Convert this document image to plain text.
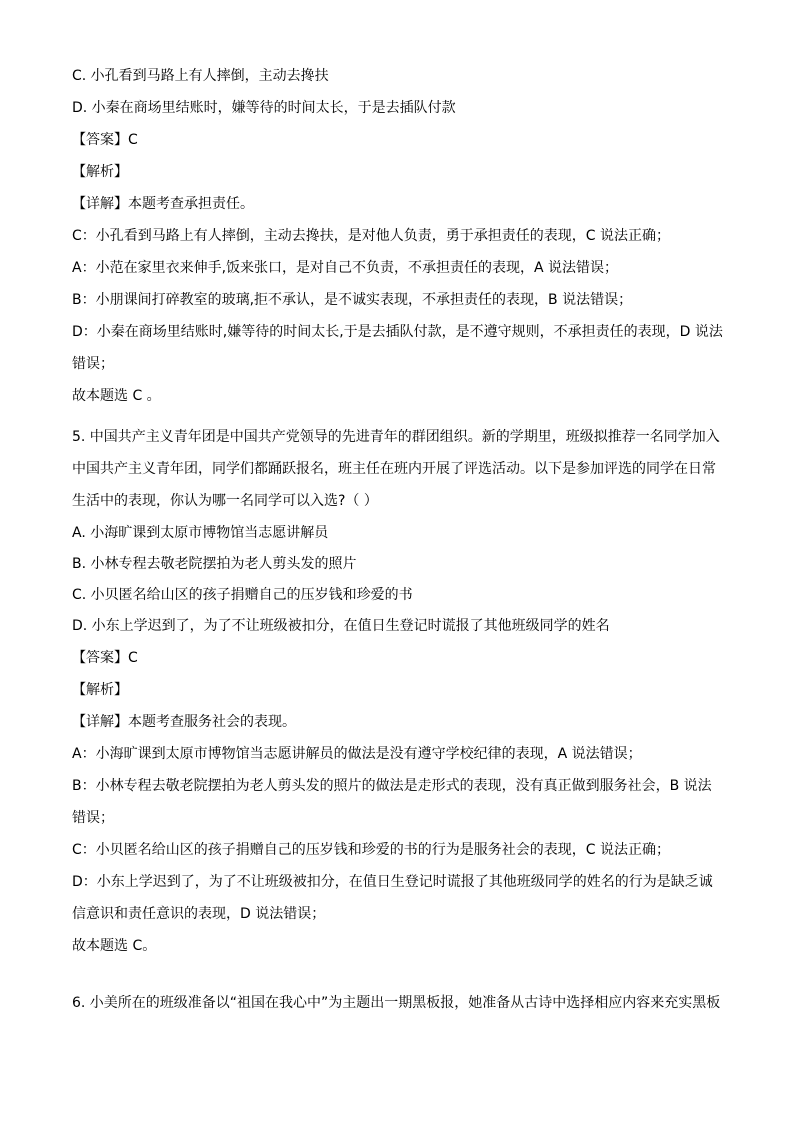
C. 小孔看到马路上有人摔倒，主动去搀扶
D. 小秦在商场里结账时，嫌等待的时间太长，于是去插队付款
【答案】C
【解析】
【详解】本题考查承担责任。
C：小孔看到马路上有人摔倒，主动去搀扶，是对他人负责，勇于承担责任的表现，C 说法正确；
A：小范在家里衣来伸手,饭来张口，是对自己不负责，不承担责任的表现，A 说法错误；
B：小朋课间打碎教室的玻璃,拒不承认，是不诚实表现，不承担责任的表现，B 说法错误；
D：小秦在商场里结账时,嫌等待的时间太长,于是去插队付款，是不遵守规则，不承担责任的表现，D 说法
错误；
故本题选 C 。
5. 中国共产主义青年团是中国共产党领导的先进青年的群团组织。新的学期里，班级拟推荐一名同学加入
中国共产主义青年团，同学们都踊跃报名，班主任在班内开展了评选活动。以下是参加评选的同学在日常
生活中的表现，你认为哪一名同学可以入选?（ ）
A. 小海旷课到太原市博物馆当志愿讲解员
B. 小林专程去敬老院摆拍为老人剪头发的照片
C. 小贝匿名给山区的孩子捐赠自己的压岁钱和珍爱的书
D. 小东上学迟到了，为了不让班级被扣分，在值日生登记时谎报了其他班级同学的姓名
【答案】C
【解析】
【详解】本题考查服务社会的表现。
A：小海旷课到太原市博物馆当志愿讲解员的做法是没有遵守学校纪律的表现，A 说法错误；
B：小林专程去敬老院摆拍为老人剪头发的照片的做法是走形式的表现，没有真正做到服务社会，B 说法
错误；
C：小贝匿名给山区的孩子捐赠自己的压岁钱和珍爱的书的行为是服务社会的表现，C 说法正确；
D：小东上学迟到了，为了不让班级被扣分，在值日生登记时谎报了其他班级同学的姓名的行为是缺乏诚
信意识和责任意识的表现，D 说法错误；
故本题选 C。
6. 小美所在的班级准备以“祖国在我心中”为主题出一期黑板报，她准备从古诗中选择相应内容来充实黑板
